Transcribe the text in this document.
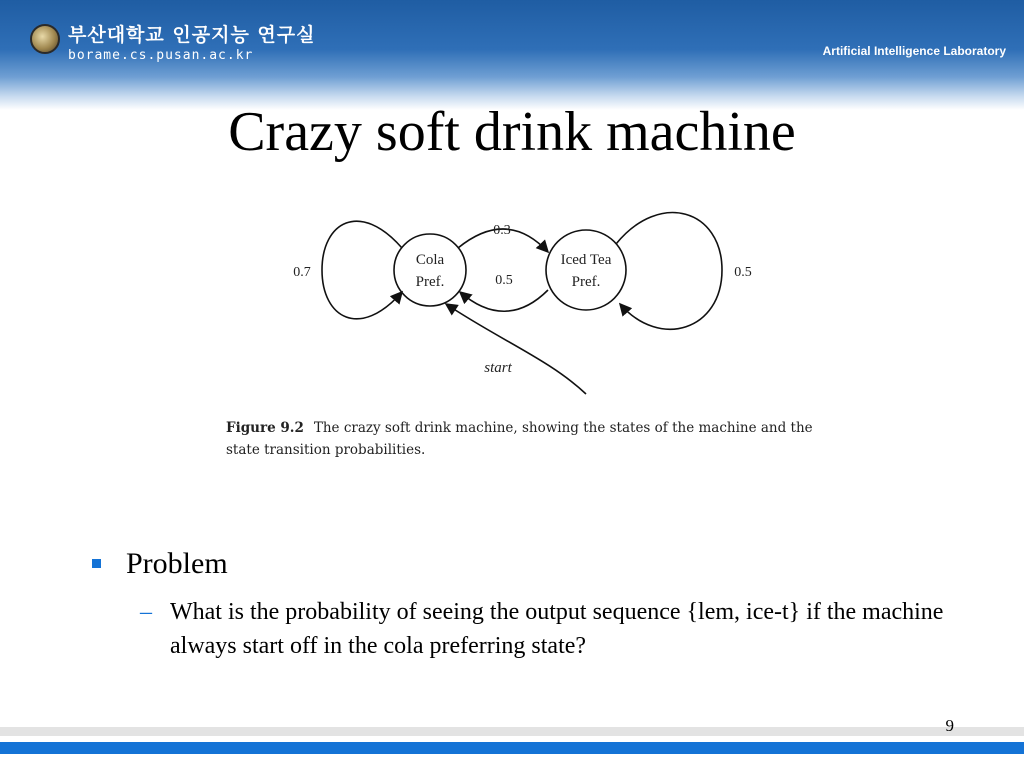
부산대학교 인공지능 연구실
borame.cs.pusan.ac.kr	Artificial Intelligence Laboratory
Crazy soft drink machine
Cola
Pref.
Iced Tea
Pref.
0.7
0.3
0.5
0.5
start
Figure 9.2 The crazy soft drink machine, showing the states of the machine and the state transition probabilities.
Problem
– What is the probability of seeing the output sequence {lem, ice-t} if the machine always start off in the cola preferring state?
9
